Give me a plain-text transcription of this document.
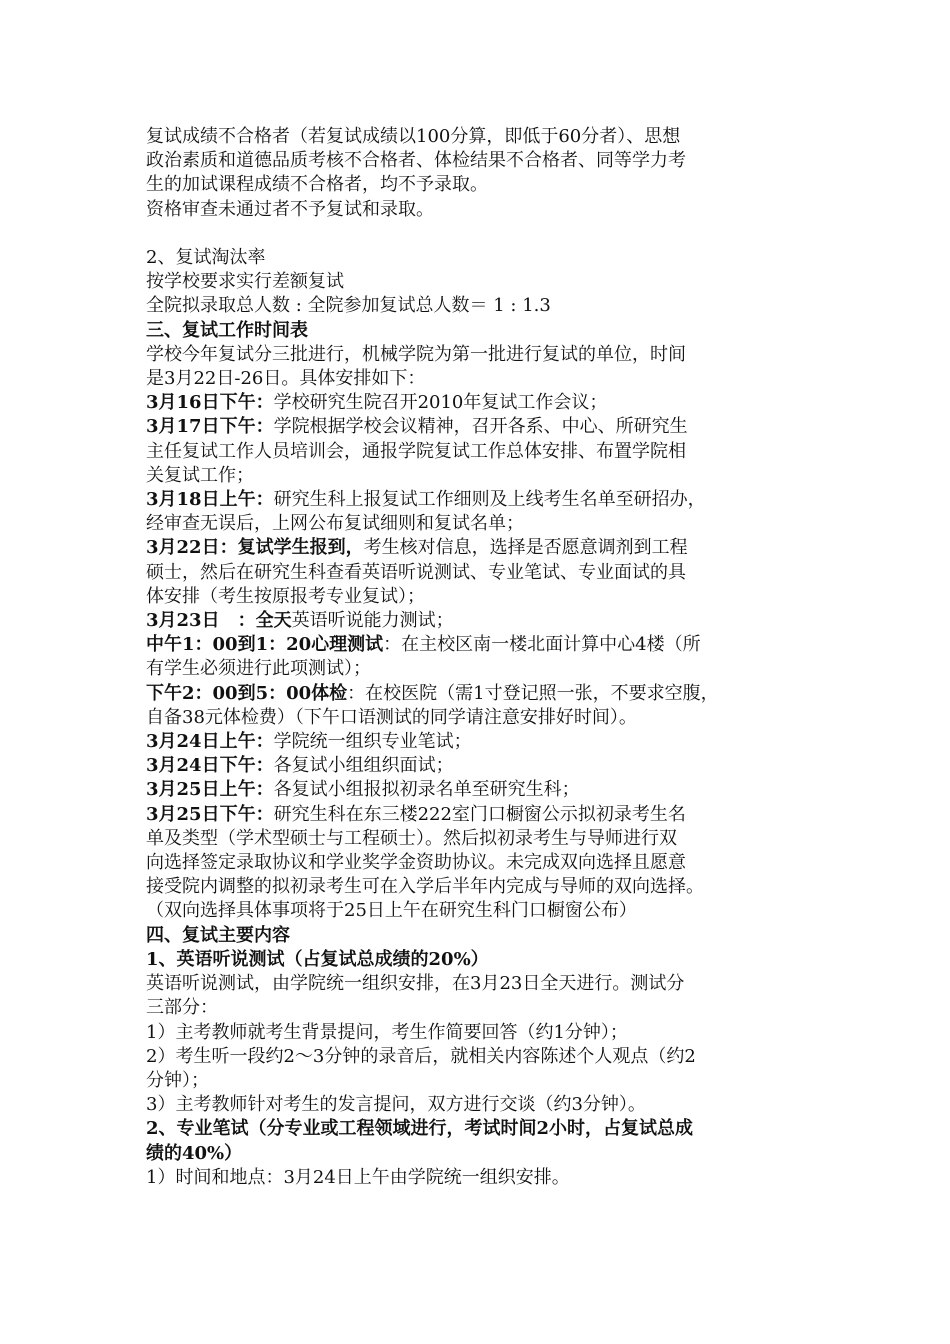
复试成绩不合格者（若复试成绩以100分算，即低于60分者）、思想
政治素质和道德品质考核不合格者、体检结果不合格者、同等学力考
生的加试课程成绩不合格者，均不予录取。
资格审查未通过者不予复试和录取。
2、复试淘汰率
按学校要求实行差额复试
全院拟录取总人数 : 全院参加复试总人数＝ 1 : 1.3
三、复试工作时间表
学校今年复试分三批进行，机械学院为第一批进行复试的单位，时间
是3月22日-26日。具体安排如下：
3月16日下午：学校研究生院召开2010年复试工作会议；
3月17日下午：学院根据学校会议精神，召开各系、中心、所研究生
主任复试工作人员培训会，通报学院复试工作总体安排、布置学院相
关复试工作；
3月18日上午：研究生科上报复试工作细则及上线考生名单至研招办，
经审查无误后，上网公布复试细则和复试名单；
3月22日：复试学生报到，考生核对信息，选择是否愿意调剂到工程
硕士，然后在研究生科查看英语听说测试、专业笔试、专业面试的具
体安排（考生按原报考专业复试）；
3月23日　：全天英语听说能力测试；
中午1：00到1：20心理测试：在主校区南一楼北面计算中心4楼（所
有学生必须进行此项测试）；
下午2：00到5：00体检：在校医院（需1寸登记照一张，不要求空腹，
自备38元体检费）（下午口语测试的同学请注意安排好时间）。
3月24日上午：学院统一组织专业笔试；
3月24日下午：各复试小组组织面试；
3月25日上午：各复试小组报拟初录名单至研究生科；
3月25日下午：研究生科在东三楼222室门口橱窗公示拟初录考生名
单及类型（学术型硕士与工程硕士）。然后拟初录考生与导师进行双
向选择签定录取协议和学业奖学金资助协议。未完成双向选择且愿意
接受院内调整的拟初录考生可在入学后半年内完成与导师的双向选择。
（双向选择具体事项将于25日上午在研究生科门口橱窗公布）
四、复试主要内容
1、英语听说测试（占复试总成绩的20%）
英语听说测试，由学院统一组织安排，在3月23日全天进行。测试分
三部分：
1）主考教师就考生背景提问，考生作简要回答（约1分钟）；
2）考生听一段约2～3分钟的录音后，就相关内容陈述个人观点（约2
分钟）；
3）主考教师针对考生的发言提问，双方进行交谈（约3分钟）。
2、专业笔试（分专业或工程领域进行，考试时间2小时，占复试总成
绩的40%）
1）时间和地点：3月24日上午由学院统一组织安排。
